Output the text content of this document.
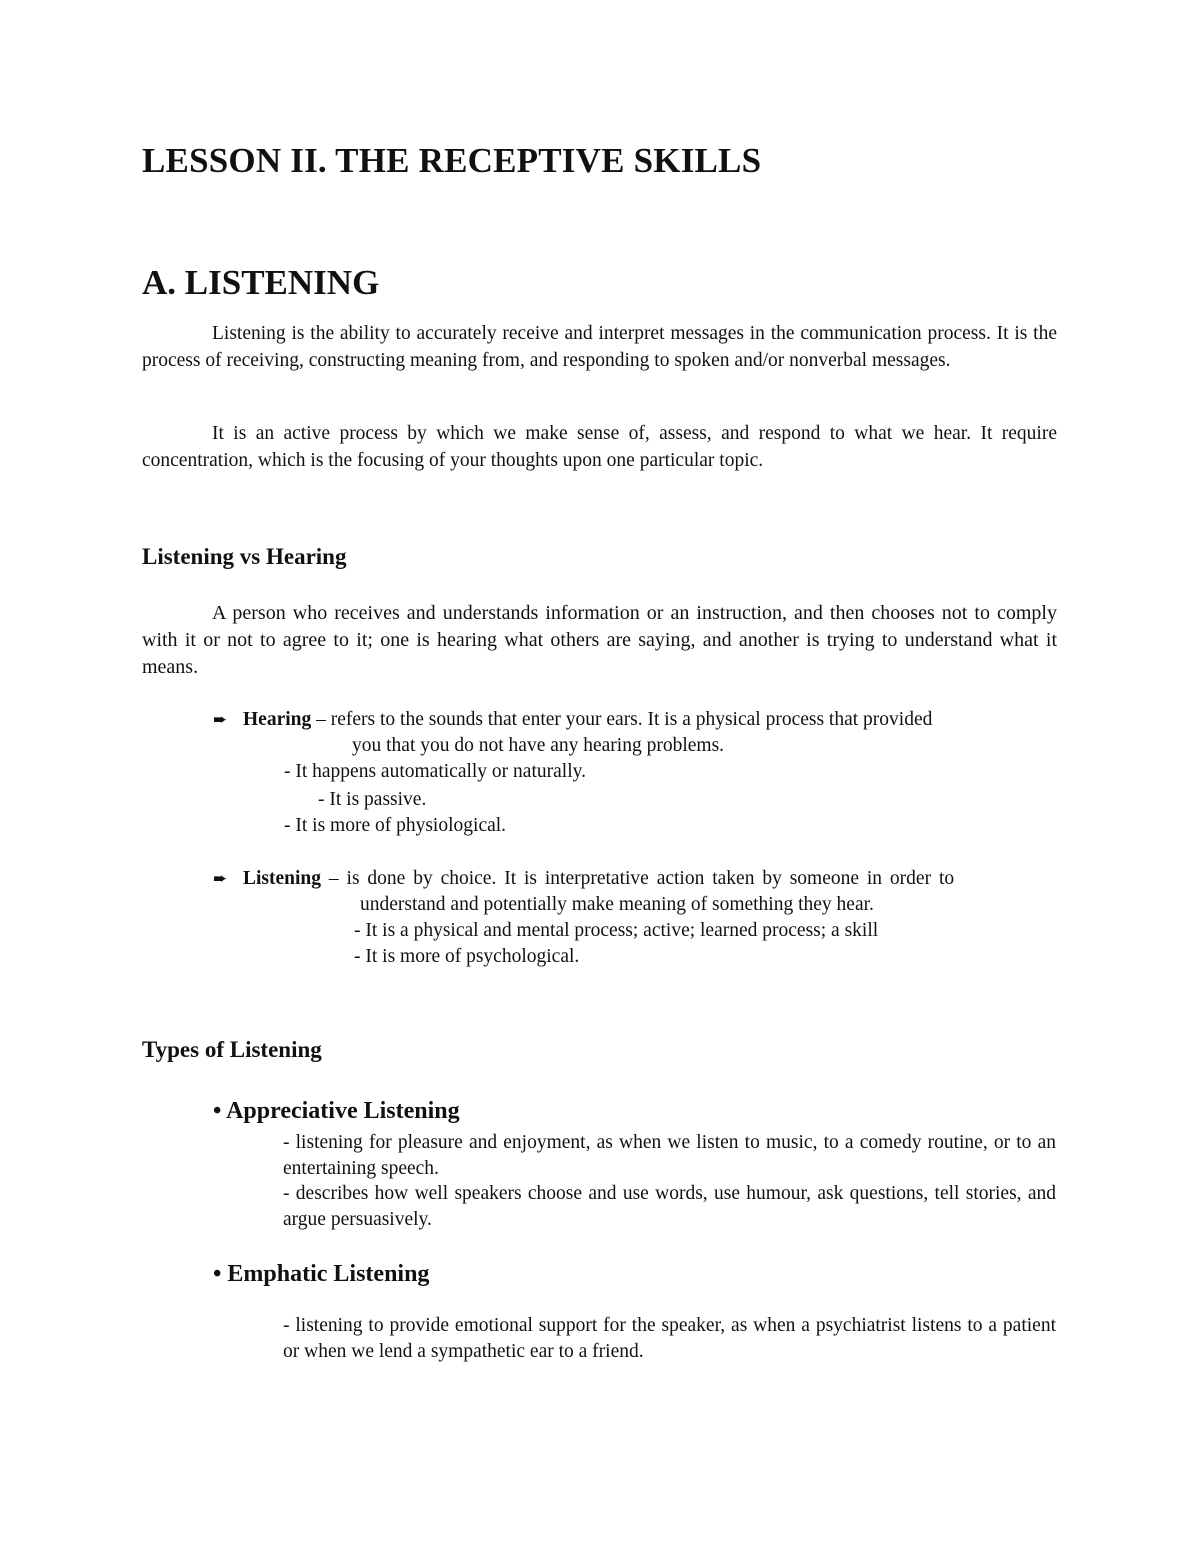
LESSON II. THE RECEPTIVE SKILLS
A. LISTENING
Listening is the ability to accurately receive and interpret messages in the communication process. It is the process of receiving, constructing meaning from, and responding to spoken and/or nonverbal messages.
It is an active process by which we make sense of, assess, and respond to what we hear. It require concentration, which is the focusing of your thoughts upon one particular topic.
Listening vs Hearing
A person who receives and understands information or an instruction, and then chooses not to comply with it or not to agree to it; one is hearing what others are saying, and another is trying to understand what it means.
➨ Hearing – refers to the sounds that enter your ears. It is a physical process that provided
you that you do not have any hearing problems.
- It happens automatically or naturally.
- It is passive.
- It is more of physiological.
➨ Listening – is done by choice. It is interpretative action taken by someone in order to
understand and potentially make meaning of something they hear.
- It is a physical and mental process; active; learned process; a skill
- It is more of psychological.
Types of Listening
• Appreciative Listening
- listening for pleasure and enjoyment, as when we listen to music, to a comedy routine, or to an entertaining speech.
- describes how well speakers choose and use words, use humour, ask questions, tell stories, and argue persuasively.
• Emphatic Listening
- listening to provide emotional support for the speaker, as when a psychiatrist listens to a patient or when we lend a sympathetic ear to a friend.
